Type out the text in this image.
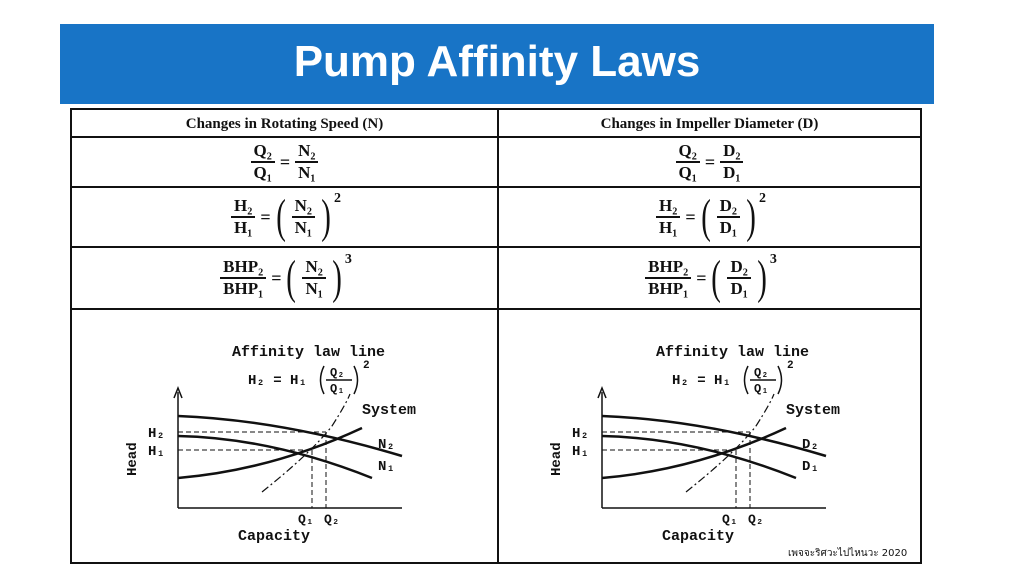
Pump Affinity Laws
Changes in Rotating Speed (N)	Changes in Impeller Diameter (D)
$\frac{\text{Q₂}}{\text{Q₁}} = \frac{\text{N₂}}{\text{N₁}}$
$\frac{\text{H₂}}{\text{H₁}}$ = ( $\frac{\text{N₂}}{\text{N₁}}$ ) 2
$\frac{\text{BHP₂}}{\text{BHP₁}}$ = ( $\frac{\text{N₂}}{\text{N₁}}$ ) 3
$\frac{\text{Q₂}}{\text{Q₁}} = \frac{\text{D₂}}{\text{D₁}}$
$\frac{\text{H₂}}{\text{H₁}}$ = ( $\frac{\text{D₂}}{\text{D₁}}$ ) 2
$\frac{\text{BHP₂}}{\text{BHP₁}}$ = ( $\frac{\text{D₂}}{\text{D₁}}$ ) 3
Affinity law line
H₂ = H₁ Q₂
Q₁
2
System
N₂
N₁
H₂
H₁
Q₁ Q₂
Capacity
Head
Affinity law line
H₂ = H₁ Q₂
Q₁
2
System
D₂
D₁
H₂
H₁
Q₁ Q₂
Capacity
Head
เพจจะริศวะไปไหนวะ 2020
